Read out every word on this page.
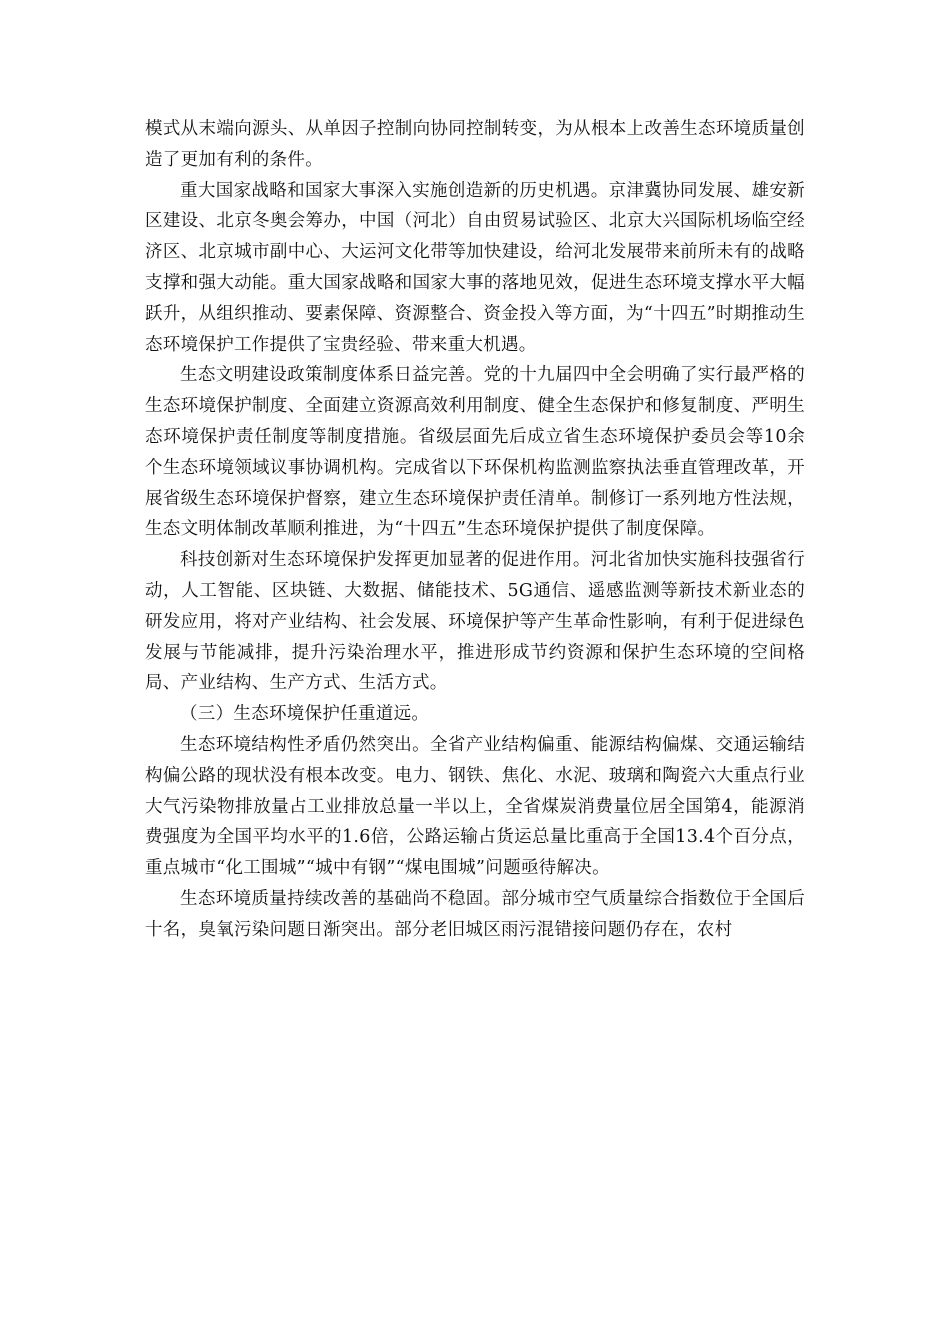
模式从末端向源头、从单因子控制向协同控制转变，为从根本上改善生态环境质量创造了更加有利的条件。

重大国家战略和国家大事深入实施创造新的历史机遇。京津冀协同发展、雄安新区建设、北京冬奥会筹办，中国（河北）自由贸易试验区、北京大兴国际机场临空经济区、北京城市副中心、大运河文化带等加快建设，给河北发展带来前所未有的战略支撑和强大动能。重大国家战略和国家大事的落地见效，促进生态环境支撑水平大幅跃升，从组织推动、要素保障、资源整合、资金投入等方面，为“十四五”时期推动生态环境保护工作提供了宝贵经验、带来重大机遇。

生态文明建设政策制度体系日益完善。党的十九届四中全会明确了实行最严格的生态环境保护制度、全面建立资源高效利用制度、健全生态保护和修复制度、严明生态环境保护责任制度等制度措施。省级层面先后成立省生态环境保护委员会等10余个生态环境领域议事协调机构。完成省以下环保机构监测监察执法垂直管理改革，开展省级生态环境保护督察，建立生态环境保护责任清单。制修订一系列地方性法规，生态文明体制改革顺利推进，为“十四五”生态环境保护提供了制度保障。

科技创新对生态环境保护发挥更加显著的促进作用。河北省加快实施科技强省行动，人工智能、区块链、大数据、储能技术、5G通信、遥感监测等新技术新业态的研发应用，将对产业结构、社会发展、环境保护等产生革命性影响，有利于促进绿色发展与节能减排，提升污染治理水平，推进形成节约资源和保护生态环境的空间格局、产业结构、生产方式、生活方式。

（三）生态环境保护任重道远。

生态环境结构性矛盾仍然突出。全省产业结构偏重、能源结构偏煤、交通运输结构偏公路的现状没有根本改变。电力、钢铁、焦化、水泥、玻璃和陶瓷六大重点行业大气污染物排放量占工业排放总量一半以上，全省煤炭消费量位居全国第4，能源消费强度为全国平均水平的1.6倍，公路运输占货运总量比重高于全国13.4个百分点，重点城市“化工围城”“城中有钢”“煤电围城”问题亟待解决。

生态环境质量持续改善的基础尚不稳固。部分城市空气质量综合指数位于全国后十名，臭氧污染问题日渐突出。部分老旧城区雨污混错接问题仍存在，农村
